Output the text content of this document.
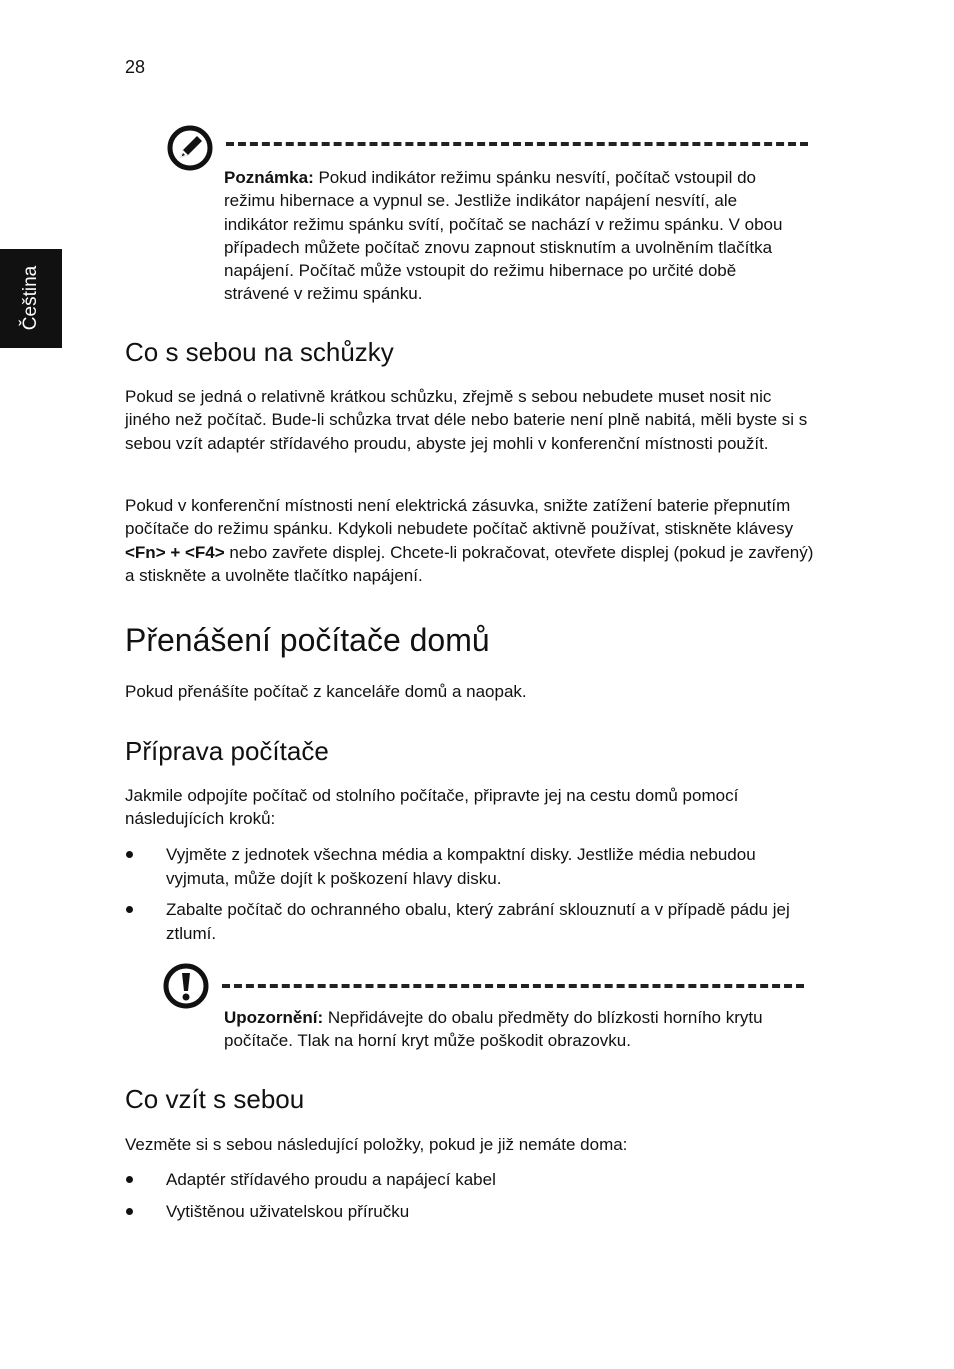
28
Čeština
Poznámka: Pokud indikátor režimu spánku nesvítí, počítač vstoupil do režimu hibernace a vypnul se. Jestliže indikátor napájení nesvítí, ale indikátor režimu spánku svítí, počítač se nachází v režimu spánku. V obou případech můžete počítač znovu zapnout stisknutím a uvolněním tlačítka napájení. Počítač může vstoupit do režimu hibernace po určité době strávené v režimu spánku.
Co s sebou na schůzky

Pokud se jedná o relativně krátkou schůzku, zřejmě s sebou nebudete muset nosit nic jiného než počítač. Bude-li schůzka trvat déle nebo baterie není plně nabitá, měli byste si s sebou vzít adaptér střídavého proudu, abyste jej mohli v konferenční místnosti použít.

Pokud v konferenční místnosti není elektrická zásuvka, snižte zatížení baterie přepnutím počítače do režimu spánku. Kdykoli nebudete počítač aktivně používat, stiskněte klávesy <Fn> + <F4> nebo zavřete displej. Chcete-li pokračovat, otevřete displej (pokud je zavřený) a stiskněte a uvolněte tlačítko napájení.

Přenášení počítače domů

Pokud přenášíte počítač z kanceláře domů a naopak.

Příprava počítače

Jakmile odpojíte počítač od stolního počítače, připravte jej na cestu domů pomocí následujících kroků:

Vyjměte z jednotek všechna média a kompaktní disky. Jestliže média nebudou vyjmuta, může dojít k poškození hlavy disku.
Zabalte počítač do ochranného obalu, který zabrání sklouznutí a v případě pádu jej ztlumí.
Upozornění: Nepřidávejte do obalu předměty do blízkosti horního krytu počítače. Tlak na horní kryt může poškodit obrazovku.
Co vzít s sebou

Vezměte si s sebou následující položky, pokud je již nemáte doma:

Adaptér střídavého proudu a napájecí kabel
Vytištěnou uživatelskou příručku
